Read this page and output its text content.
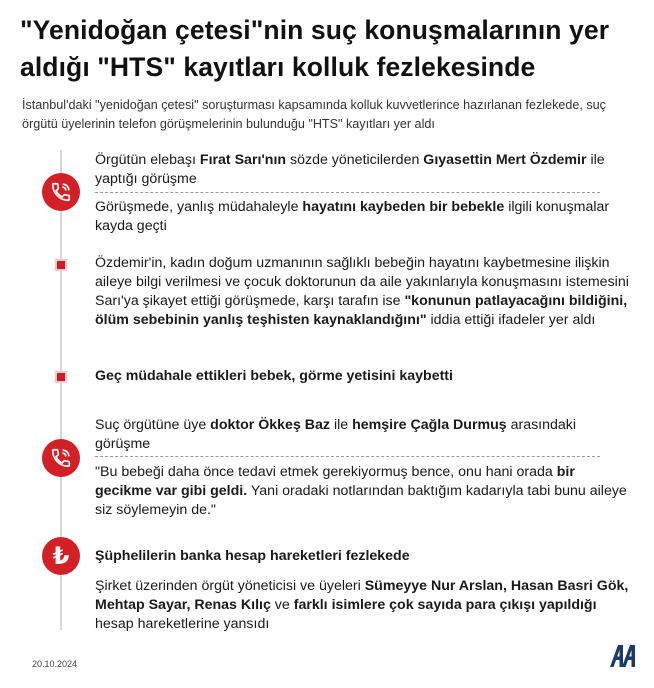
"Yenidoğan çetesi"nin suç konuşmalarının yer aldığı "HTS" kayıtları kolluk fezlekesinde
İstanbul'daki "yenidoğan çetesi" soruşturması kapsamında kolluk kuvvetlerince hazırlanan fezlekede, suç örgütü üyelerinin telefon görüşmelerinin bulunduğu "HTS" kayıtları yer aldı
Örgütün elebaşı Fırat Sarı'nın sözde yöneticilerden Gıyasettin Mert Özdemir ile yaptığı görüşme
Görüşmede, yanlış müdahaleyle hayatını kaybeden bir bebekle ilgili konuşmalar kayda geçti
Özdemir'in, kadın doğum uzmanının sağlıklı bebeğin hayatını kaybetmesine ilişkin aileye bilgi verilmesi ve çocuk doktorunun da aile yakınlarıyla konuşmasını istemesini Sarı'ya şikayet ettiği görüşmede, karşı tarafın ise "konunun patlayacağını bildiğini, ölüm sebebinin yanlış teşhisten kaynaklandığını" iddia ettiği ifadeler yer aldı
Geç müdahale ettikleri bebek, görme yetisini kaybetti
Suç örgütüne üye doktor Ökkeş Baz ile hemşire Çağla Durmuş arasındaki görüşme
"Bu bebeği daha önce tedavi etmek gerekiyormuş bence, onu hani orada bir gecikme var gibi geldi. Yani oradaki notlarından baktığım kadarıyla tabi bunu aileye siz söylemeyin de."
₺ Şüphelilerin banka hesap hareketleri fezlekede
Şirket üzerinden örgüt yöneticisi ve üyeleri Sümeyye Nur Arslan, Hasan Basri Gök, Mehtap Sayar, Renas Kılıç ve farklı isimlere çok sayıda para çıkışı yapıldığı hesap hareketlerine yansıdı
20.10.2024
